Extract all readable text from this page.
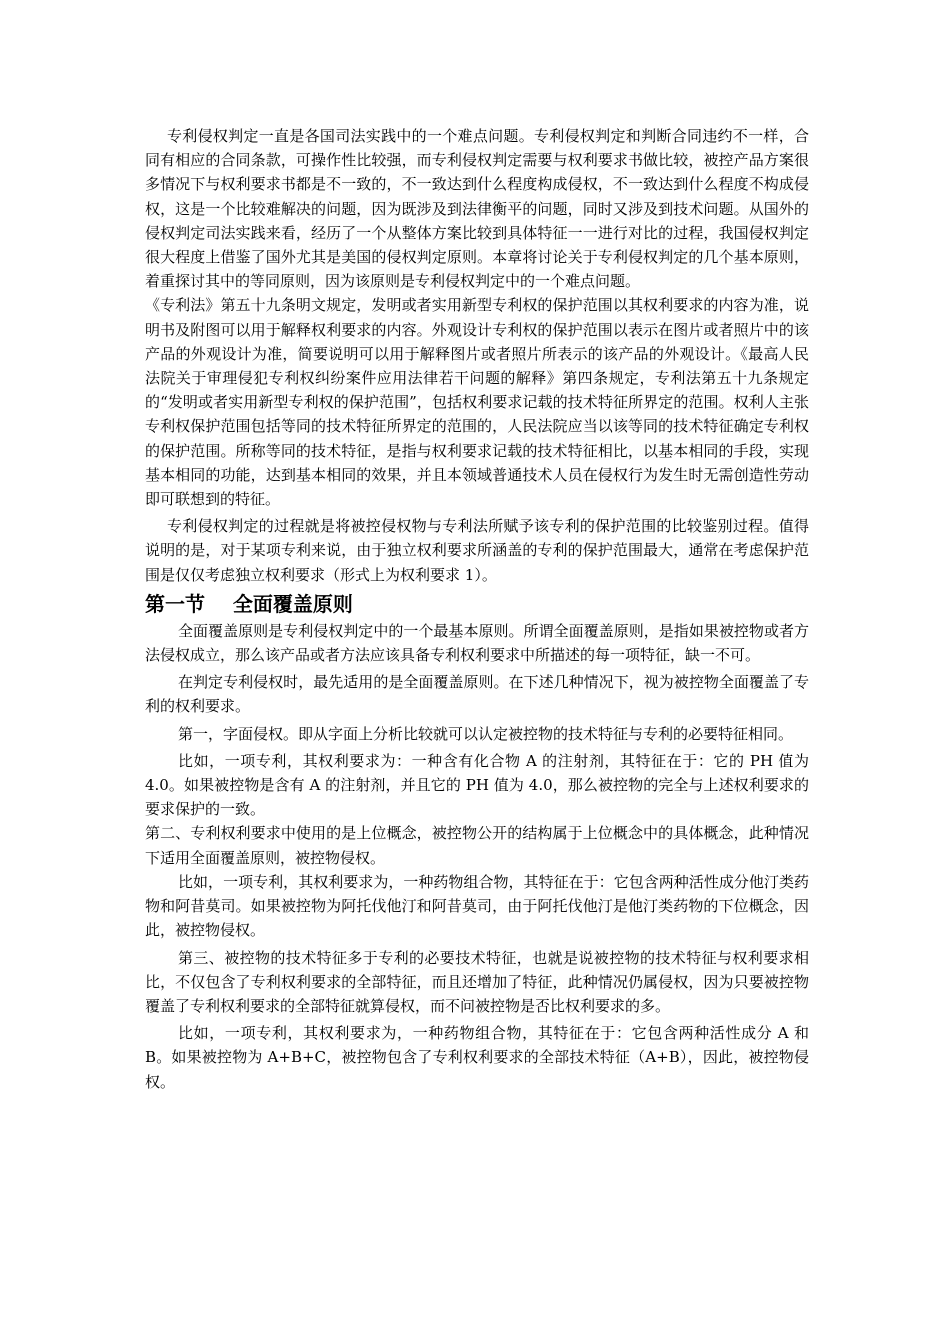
专利侵权判定一直是各国司法实践中的一个难点问题。专利侵权判定和判断合同违约不一样，合同有相应的合同条款，可操作性比较强，而专利侵权判定需要与权利要求书做比较，被控产品方案很多情况下与权利要求书都是不一致的，不一致达到什么程度构成侵权，不一致达到什么程度不构成侵权，这是一个比较难解决的问题，因为既涉及到法律衡平的问题，同时又涉及到技术问题。从国外的侵权判定司法实践来看，经历了一个从整体方案比较到具体特征一一进行对比的过程，我国侵权判定很大程度上借鉴了国外尤其是美国的侵权判定原则。本章将讨论关于专利侵权判定的几个基本原则，着重探讨其中的等同原则，因为该原则是专利侵权判定中的一个难点问题。

《专利法》第五十九条明文规定，发明或者实用新型专利权的保护范围以其权利要求的内容为准，说明书及附图可以用于解释权利要求的内容。外观设计专利权的保护范围以表示在图片或者照片中的该产品的外观设计为准，简要说明可以用于解释图片或者照片所表示的该产品的外观设计。《最高人民法院关于审理侵犯专利权纠纷案件应用法律若干问题的解释》第四条规定，专利法第五十九条规定的“发明或者实用新型专利权的保护范围”，包括权利要求记载的技术特征所界定的范围。权利人主张专利权保护范围包括等同的技术特征所界定的范围的，人民法院应当以该等同的技术特征确定专利权的保护范围。所称等同的技术特征，是指与权利要求记载的技术特征相比，以基本相同的手段，实现基本相同的功能，达到基本相同的效果，并且本领域普通技术人员在侵权行为发生时无需创造性劳动即可联想到的特征。

专利侵权判定的过程就是将被控侵权物与专利法所赋予该专利的保护范围的比较鉴别过程。值得说明的是，对于某项专利来说，由于独立权利要求所涵盖的专利的保护范围最大，通常在考虑保护范围是仅仅考虑独立权利要求（形式上为权利要求 1）。

第一节    全面覆盖原则

全面覆盖原则是专利侵权判定中的一个最基本原则。所谓全面覆盖原则，是指如果被控物或者方法侵权成立，那么该产品或者方法应该具备专利权利要求中所描述的每一项特征，缺一不可。

在判定专利侵权时，最先适用的是全面覆盖原则。在下述几种情况下，视为被控物全面覆盖了专利的权利要求。

第一，字面侵权。即从字面上分析比较就可以认定被控物的技术特征与专利的必要特征相同。

比如，一项专利，其权利要求为：一种含有化合物 A 的注射剂，其特征在于：它的 PH 值为 4.0。如果被控物是含有 A 的注射剂，并且它的 PH 值为 4.0，那么被控物的完全与上述权利要求的要求保护的一致。

第二、专利权利要求中使用的是上位概念，被控物公开的结构属于上位概念中的具体概念，此种情况下适用全面覆盖原则，被控物侵权。

比如，一项专利，其权利要求为，一种药物组合物，其特征在于：它包含两种活性成分他汀类药物和阿昔莫司。如果被控物为阿托伐他汀和阿昔莫司，由于阿托伐他汀是他汀类药物的下位概念，因此，被控物侵权。

第三、被控物的技术特征多于专利的必要技术特征，也就是说被控物的技术特征与权利要求相比，不仅包含了专利权利要求的全部特征，而且还增加了特征，此种情况仍属侵权，因为只要被控物覆盖了专利权利要求的全部特征就算侵权，而不问被控物是否比权利要求的多。

比如，一项专利，其权利要求为，一种药物组合物，其特征在于：它包含两种活性成分 A 和 B。如果被控物为 A+B+C，被控物包含了专利权利要求的全部技术特征（A+B），因此，被控物侵权。
